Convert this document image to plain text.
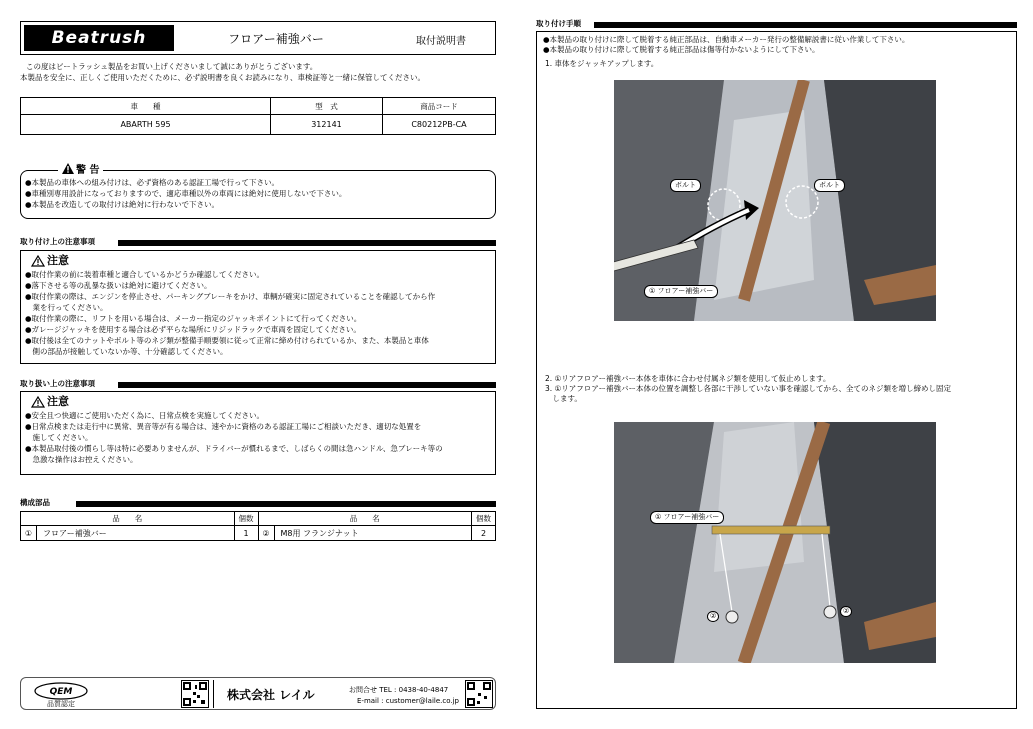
Beatrush	フロアー補強バー	取付説明書
この度はビートラッシュ製品をお買い上げくださいまして誠にありがとうございます。
本製品を安全に、正しくご使用いただくために、必ず説明書を良くお読みになり、車検証等と一緒に保管してください。
車　　種	型　式	商品コード
ABARTH 595	312141	C80212PB-CA
●本製品の車体への組み付けは、必ず資格のある認証工場で行って下さい。
●車種別専用設計になっておりますので、適応車種以外の車両には絶対に使用しないで下さい。
●本製品を改造しての取付けは絶対に行わないで下さい。
警 告
取り付け上の注意事項
注意
●取付作業の前に装着車種と適合しているかどうか確認してください。
●落下させる等の乱暴な扱いは絶対に避けてください。
●取付作業の際は、エンジンを停止させ、パーキングブレーキをかけ、車輌が確実に固定されていることを確認してから作
　業を行ってください。
●取付作業の際に、リフトを用いる場合は、メーカー指定のジャッキポイントにて行ってください。
●ガレージジャッキを使用する場合は必ず平らな場所にリジッドラックで車両を固定してください。
●取付後は全てのナットやボルト等のネジ類が整備手順要領に従って正常に締め付けられているか、また、本製品と車体
　側の部品が接触していないか等、十分確認してください。
取り扱い上の注意事項
注意
●安全且つ快適にご使用いただく為に、日常点検を実施してください。
●日常点検または走行中に異常、異音等が有る場合は、速やかに資格のある認証工場にご相談いただき、適切な処置を
　施してください。
●本製品取付後の慣らし等は特に必要ありませんが、ドライバーが慣れるまで、しばらくの間は急ハンドル、急ブレーキ等の
　急激な操作はお控えください。
構成部品
品　　名		個数	品　　名		個数
①	フロアー補強バー	1	②	M8用 フランジナット	2
QEM
品質認定
株式会社 レイル	お問合せ TEL : 0438-40-4847
E-mail : customer@laile.co.jp
取り付け手順
●本製品の取り付けに際して脱着する純正部品は、自動車メーカー発行の整備解説書に従い作業して下さい。
●本製品の取り付けに際して脱着する純正部品は傷等付かないようにして下さい。
1. 車体をジャッキアップします。
ボルト	ボルト
① フロアー補強バー
2. ①リアフロアー補強バー本体を車体に合わせ付属ネジ類を使用して仮止めします。
3. ①リアフロアー補強バー本体の位置を調整し各部に干渉していない事を確認してから、全てのネジ類を増し締めし固定
　します。
① フロアー補強バー
②
②
